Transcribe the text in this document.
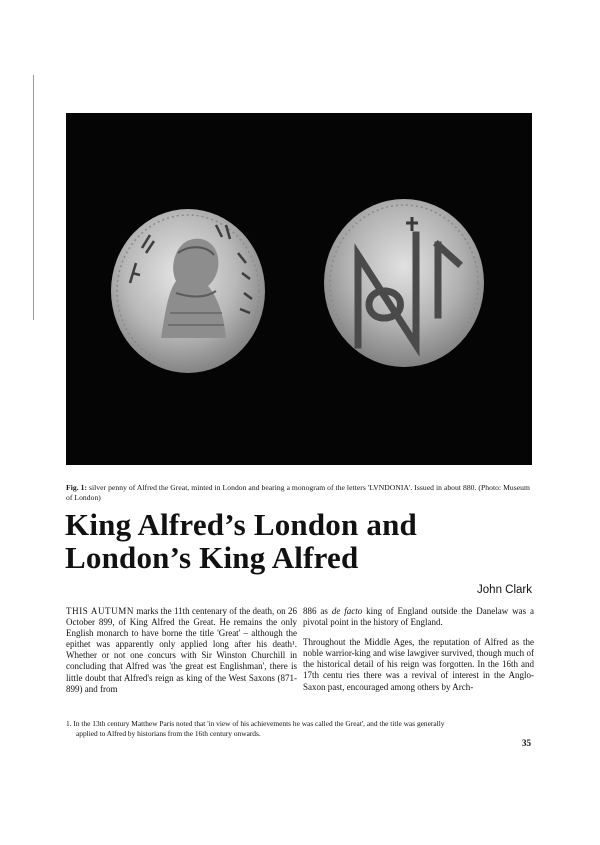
Fig. 1: silver penny of Alfred the Great, minted in London and bearing a monogram of the letters 'LVNDONIA'. Issued in about 880. (Photo: Museum of London)
King Alfred’s London and
London’s King Alfred
John Clark

THIS AUTUMN marks the 11th centenary of the death, on 26 October 899, of King Alfred the Great. He remains the only English monarch to have borne the title 'Great' – although the epithet was apparently only applied long after his death¹. Whether or not one concurs with Sir Winston Churchill in concluding that Alfred was 'the great est Englishman', there is little doubt that Alfred's reign as king of the West Saxons (871-899) and from

886 as de facto king of England outside the Danelaw was a pivotal point in the history of England.

Throughout the Middle Ages, the reputation of Alfred as the noble warrior-king and wise lawgiver survived, though much of the historical detail of his reign was forgotten. In the 16th and 17th centu ries there was a revival of interest in the Anglo-Saxon past, encouraged among others by Arch-

1. In the 13th century Matthew Paris noted that 'in view of his achievements he was called the Great', and the title was generally
applied to Alfred by historians from the 16th century onwards.
35
